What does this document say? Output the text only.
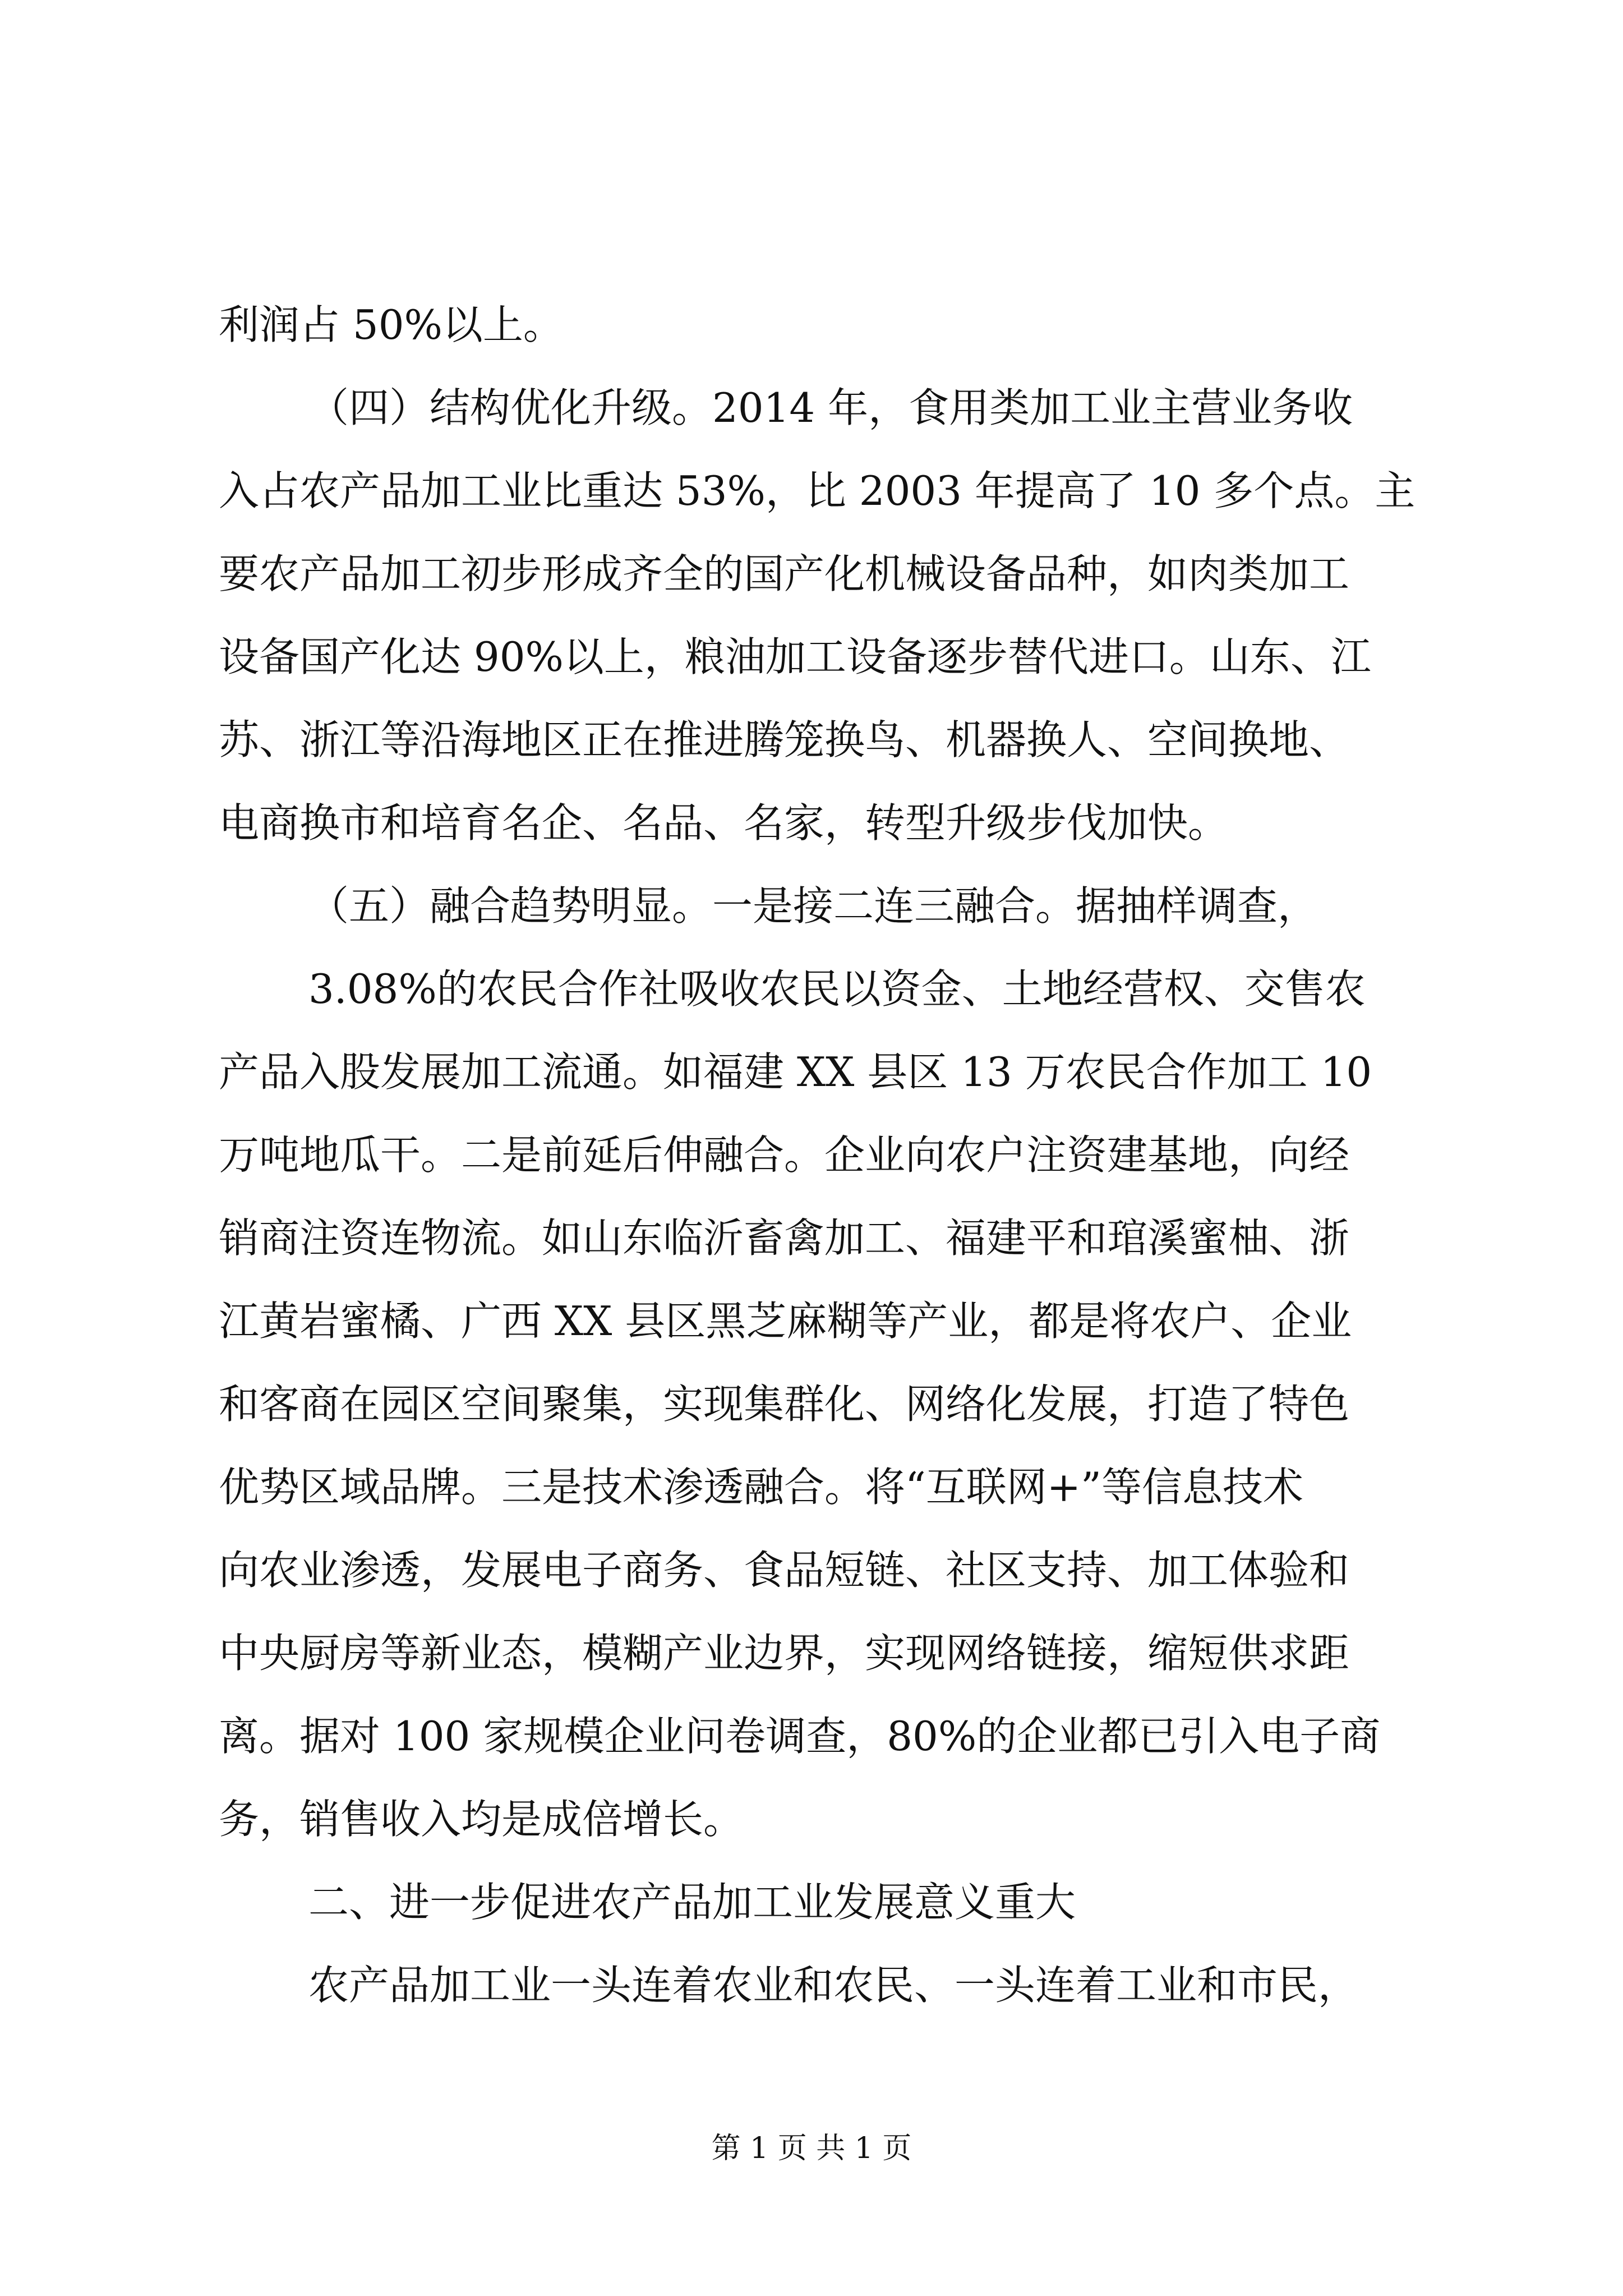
利润占 50%以上。
（四）结构优化升级。2014 年，食用类加工业主营业务收
入占农产品加工业比重达 53%，比 2003 年提高了 10 多个点。主
要农产品加工初步形成齐全的国产化机械设备品种，如肉类加工
设备国产化达 90%以上，粮油加工设备逐步替代进口。山东、江
苏、浙江等沿海地区正在推进腾笼换鸟、机器换人、空间换地、
电商换市和培育名企、名品、名家，转型升级步伐加快。
（五）融合趋势明显。一是接二连三融合。据抽样调查，
3.08%的农民合作社吸收农民以资金、土地经营权、交售农
产品入股发展加工流通。如福建 XX 县区 13 万农民合作加工 10
万吨地瓜干。二是前延后伸融合。企业向农户注资建基地，向经
销商注资连物流。如山东临沂畜禽加工、福建平和琯溪蜜柚、浙
江黄岩蜜橘、广西 XX 县区黑芝麻糊等产业，都是将农户、企业
和客商在园区空间聚集，实现集群化、网络化发展，打造了特色
优势区域品牌。三是技术渗透融合。将“互联网+”等信息技术
向农业渗透，发展电子商务、食品短链、社区支持、加工体验和
中央厨房等新业态，模糊产业边界，实现网络链接，缩短供求距
离。据对 100 家规模企业问卷调查，80%的企业都已引入电子商
务，销售收入均是成倍增长。
二、进一步促进农产品加工业发展意义重大
农产品加工业一头连着农业和农民、一头连着工业和市民，
第 1 页 共 1 页
